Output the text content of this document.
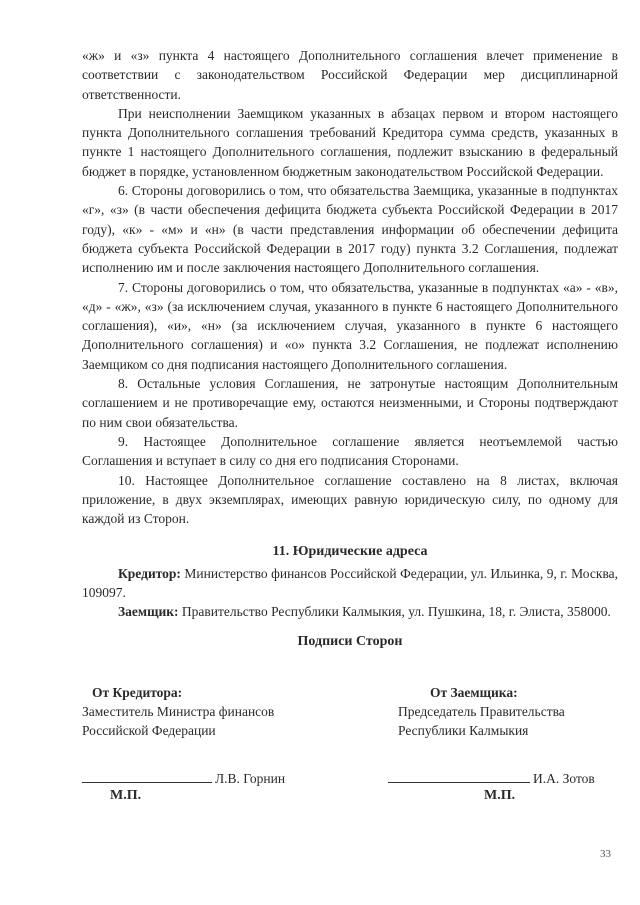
«ж» и «з» пункта 4 настоящего Дополнительного соглашения влечет применение в соответствии с законодательством Российской Федерации мер дисциплинарной ответственности.

При неисполнении Заемщиком указанных в абзацах первом и втором настоящего пункта Дополнительного соглашения требований Кредитора сумма средств, указанных в пункте 1 настоящего Дополнительного соглашения, подлежит взысканию в федеральный бюджет в порядке, установленном бюджетным законодательством Российской Федерации.

6. Стороны договорились о том, что обязательства Заемщика, указанные в подпунктах «г», «з» (в части обеспечения дефицита бюджета субъекта Российской Федерации в 2017 году), «к» - «м» и «н» (в части представления информации об обеспечении дефицита бюджета субъекта Российской Федерации в 2017 году) пункта 3.2 Соглашения, подлежат исполнению им и после заключения настоящего Дополнительного соглашения.

7. Стороны договорились о том, что обязательства, указанные в подпунктах «а» - «в», «д» - «ж», «з» (за исключением случая, указанного в пункте 6 настоящего Дополнительного соглашения), «и», «н» (за исключением случая, указанного в пункте 6 настоящего Дополнительного соглашения) и «о» пункта 3.2 Соглашения, не подлежат исполнению Заемщиком со дня подписания настоящего Дополнительного соглашения.

8. Остальные условия Соглашения, не затронутые настоящим Дополнительным соглашением и не противоречащие ему, остаются неизменными, и Стороны подтверждают по ним свои обязательства.

9. Настоящее Дополнительное соглашение является неотъемлемой частью Соглашения и вступает в силу со дня его подписания Сторонами.

10. Настоящее Дополнительное соглашение составлено на 8 листах, включая приложение, в двух экземплярах, имеющих равную юридическую силу, по одному для каждой из Сторон.

11. Юридические адреса

Кредитор: Министерство финансов Российской Федерации, ул. Ильинка, 9, г. Москва, 109097.

Заемщик: Правительство Республики Калмыкия, ул. Пушкина, 18, г. Элиста, 358000.

Подписи Сторон
От Кредитора:
Заместитель Министра финансов
Российской Федерации
От Заемщика:
Председатель Правительства
Республики Калмыкия
Л.В. Горнин	И.А. Зотов
М.П.	М.П.
33
